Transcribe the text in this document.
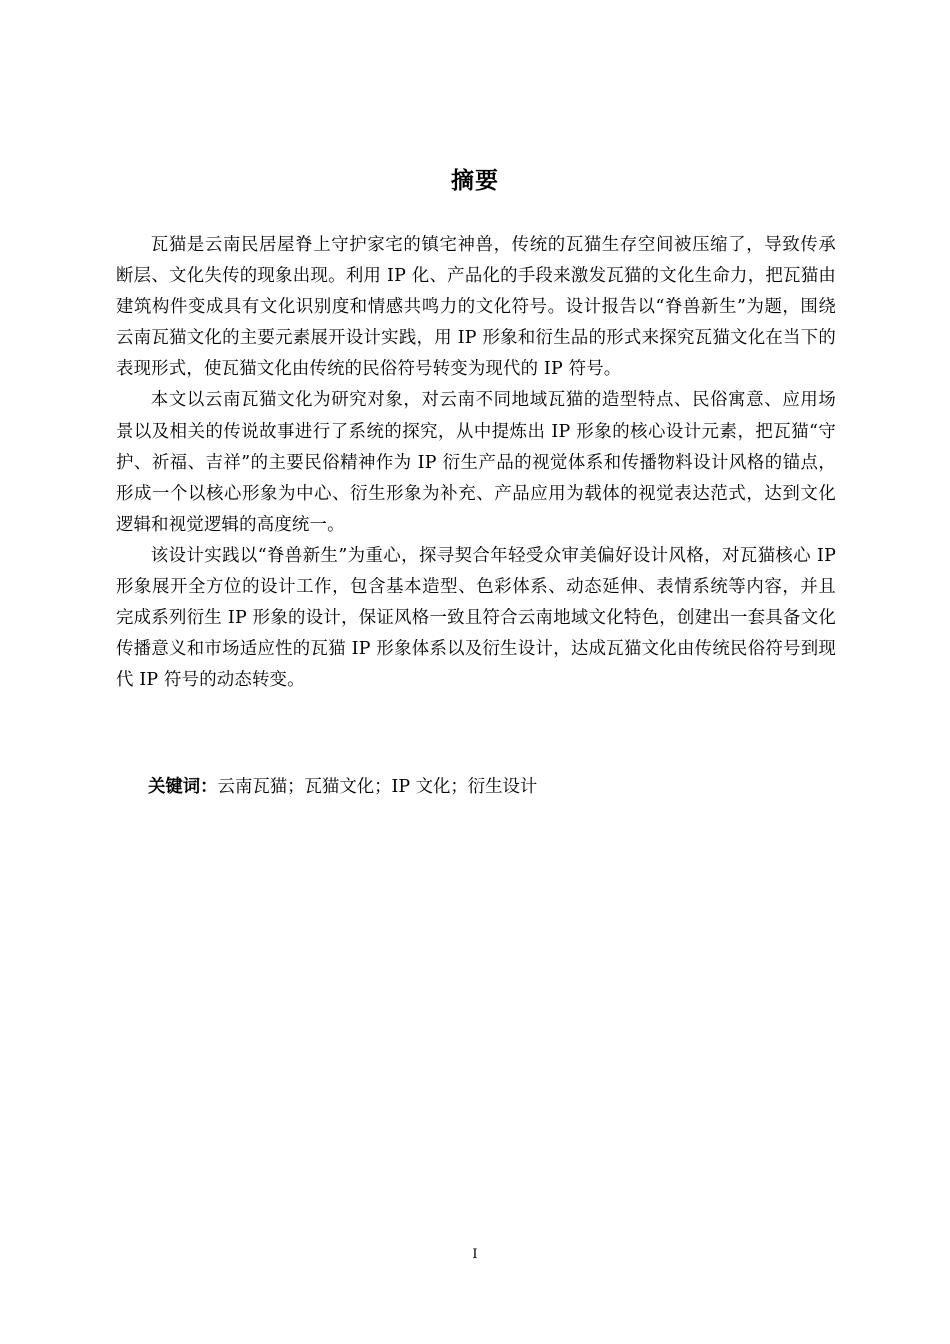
摘要

瓦猫是云南民居屋脊上守护家宅的镇宅神兽，传统的瓦猫生存空间被压缩了，导致传承断层、文化失传的现象出现。利用 IP 化、产品化的手段来激发瓦猫的文化生命力，把瓦猫由建筑构件变成具有文化识别度和情感共鸣力的文化符号。设计报告以“脊兽新生”为题，围绕云南瓦猫文化的主要元素展开设计实践，用 IP 形象和衍生品的形式来探究瓦猫文化在当下的表现形式，使瓦猫文化由传统的民俗符号转变为现代的 IP 符号。

本文以云南瓦猫文化为研究对象，对云南不同地域瓦猫的造型特点、民俗寓意、应用场景以及相关的传说故事进行了系统的探究，从中提炼出 IP 形象的核心设计元素，把瓦猫“守护、祈福、吉祥”的主要民俗精神作为 IP 衍生产品的视觉体系和传播物料设计风格的锚点，形成一个以核心形象为中心、衍生形象为补充、产品应用为载体的视觉表达范式，达到文化逻辑和视觉逻辑的高度统一。

该设计实践以“脊兽新生”为重心，探寻契合年轻受众审美偏好设计风格，对瓦猫核心 IP 形象展开全方位的设计工作，包含基本造型、色彩体系、动态延伸、表情系统等内容，并且完成系列衍生 IP 形象的设计，保证风格一致且符合云南地域文化特色，创建出一套具备文化传播意义和市场适应性的瓦猫 IP 形象体系以及衍生设计，达成瓦猫文化由传统民俗符号到现代 IP 符号的动态转变。

关键词：云南瓦猫；瓦猫文化；IP 文化；衍生设计
I
